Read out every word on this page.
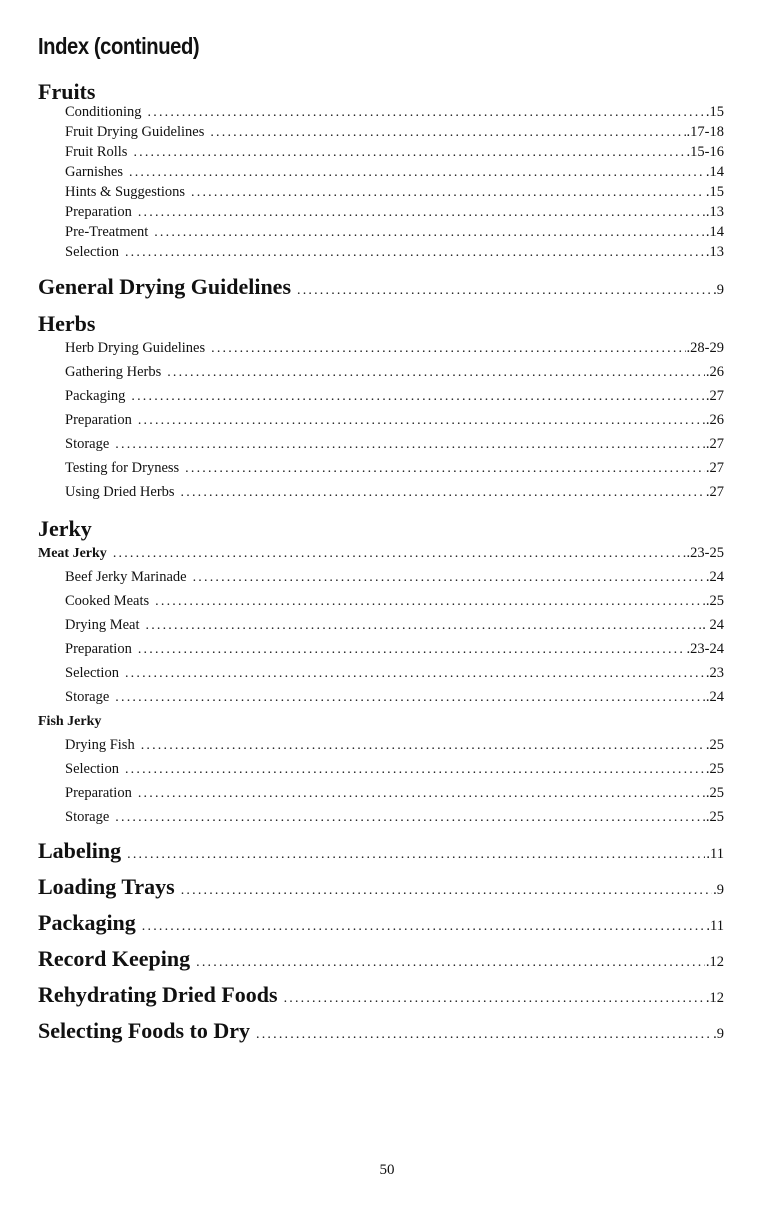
Index (continued)
Fruits
Conditioning .....	.15
Fruit Drying Guidelines .....	.17-18
Fruit Rolls .....	.15-16
Garnishes .....	.14
Hints & Suggestions .....	.15
Preparation .....	.13
Pre-Treatment .....	.14
Selection .....	.13
General Drying Guidelines .....	.9
Herbs
Herb Drying Guidelines .....	.28-29
Gathering Herbs .....	.26
Packaging .....	.27
Preparation .....	.26
Storage .....	.27
Testing for Dryness .....	.27
Using Dried Herbs .....	.27
Jerky
Meat Jerky .....	.23-25
Beef Jerky Marinade .....	.24
Cooked Meats .....	.25
Drying Meat .....	. 24
Preparation .....	.23-24
Selection .....	.23
Storage .....	.24
Fish Jerky
Drying Fish .....	.25
Selection .....	.25
Preparation .....	.25
Storage .....	.25
Labeling .....	.11
Loading Trays .....	.9
Packaging .....	.11
Record Keeping .....	.12
Rehydrating Dried Foods .....	.12
Selecting Foods to Dry .....	.9
50
